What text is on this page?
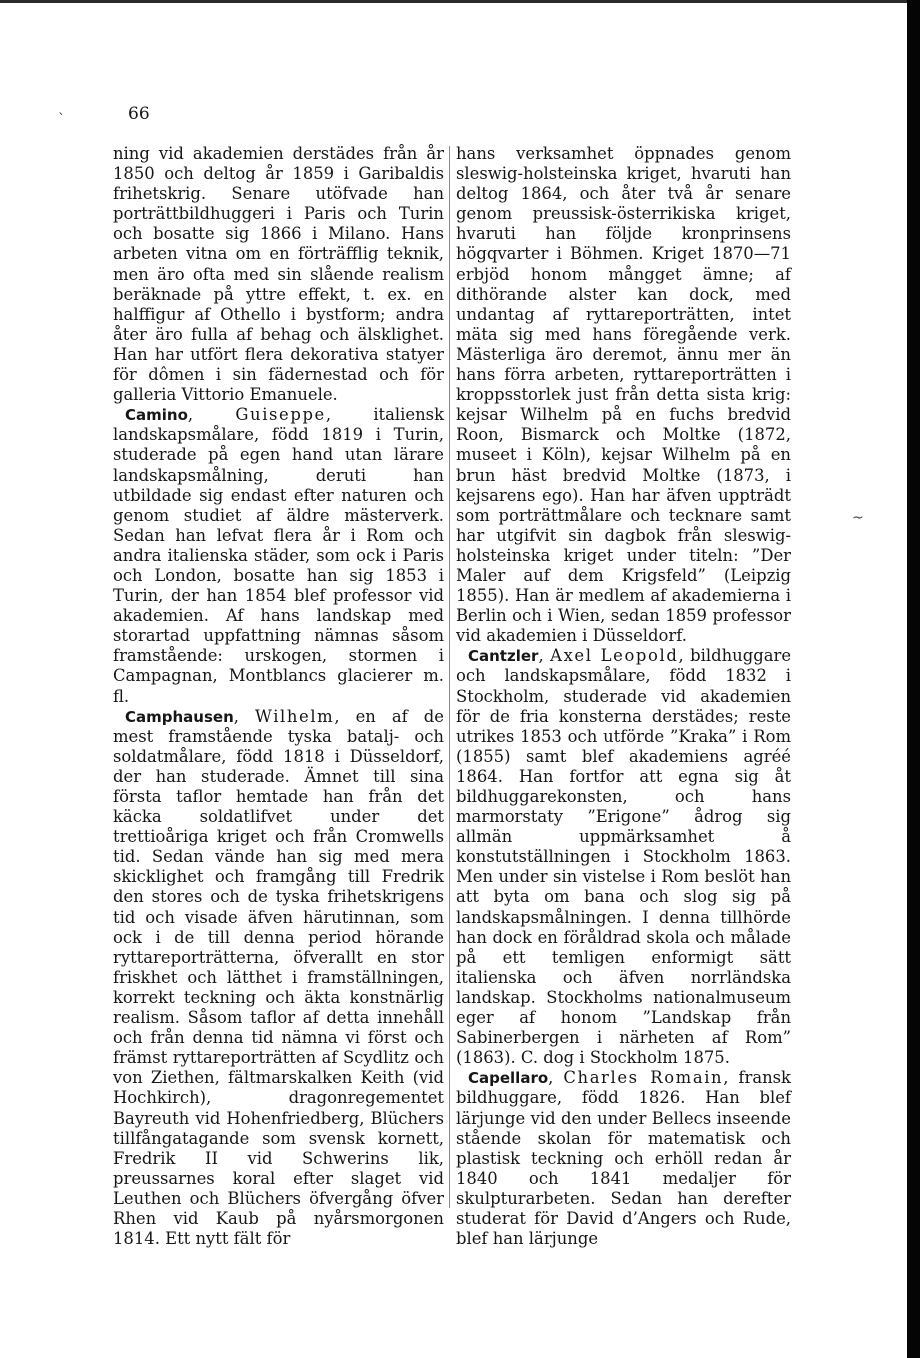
ˋ
~
66

ning vid akademien derstädes från år 1850 och deltog år 1859 i Garibaldis frihetskrig. Senare utöfvade han porträttbildhuggeri i Paris och Turin och bosatte sig 1866 i Milano. Hans arbeten vitna om en förträfflig teknik, men äro ofta med sin slående realism beräknade på yttre effekt, t. ex. en halffigur af Othello i bystform; andra åter äro fulla af behag och älsklighet. Han har utfört flera dekorativa statyer för dômen i sin fädernestad och för galleria Vittorio Emanuele.

Camino, Guiseppe, italiensk landskapsmålare, född 1819 i Turin, studerade på egen hand utan lärare landskapsmålning, deruti han utbildade sig endast efter naturen och genom studiet af äldre mästerverk. Sedan han lefvat flera år i Rom och andra italienska städer, som ock i Paris och London, bosatte han sig 1853 i Turin, der han 1854 blef professor vid akademien. Af hans landskap med storartad uppfattning nämnas såsom framstående: urskogen, stormen i Campagnan, Montblancs glacierer m. fl.

Camphausen, Wilhelm, en af de mest framstående tyska batalj- och soldatmålare, född 1818 i Düsseldorf, der han studerade. Ämnet till sina första taflor hemtade han från det käcka soldatlifvet under det trettioåriga kriget och från Cromwells tid. Sedan vände han sig med mera skicklighet och framgång till Fredrik den stores och de tyska frihetskrigens tid och visade äfven härutinnan, som ock i de till denna period hörande ryttareporträtterna, öfverallt en stor friskhet och lätthet i framställningen, korrekt teckning och äkta konstnärlig realism. Såsom taflor af detta innehåll och från denna tid nämna vi först och främst ryttareporträtten af Scydlitz och von Ziethen, fältmarskalken Keith (vid Hochkirch), dragonregementet Bayreuth vid Hohenfriedberg, Blüchers tillfångatagande som svensk kornett, Fredrik II vid Schwerins lik, preussarnes koral efter slaget vid Leuthen och Blüchers öfvergång öfver Rhen vid Kaub på nyårsmorgonen 1814. Ett nytt fält för

hans verksamhet öppnades genom sleswig-holsteinska kriget, hvaruti han deltog 1864, och åter två år senare genom preussisk-österrikiska kriget, hvaruti han följde kronprinsens högqvarter i Böhmen. Kriget 1870—71 erbjöd honom mångget ämne; af dithörande alster kan dock, med undantag af ryttareporträtten, intet mäta sig med hans föregående verk. Mästerliga äro deremot, ännu mer än hans förra arbeten, ryttareporträtten i kroppsstorlek just från detta sista krig: kejsar Wilhelm på en fuchs bredvid Roon, Bismarck och Moltke (1872, museet i Köln), kejsar Wilhelm på en brun häst bredvid Moltke (1873, i kejsarens ego). Han har äfven uppträdt som porträttmålare och tecknare samt har utgifvit sin dagbok från sleswig-holsteinska kriget under titeln: ”Der Maler auf dem Krigsfeld” (Leipzig 1855). Han är medlem af akademierna i Berlin och i Wien, sedan 1859 professor vid akademien i Düsseldorf.

Cantzler, Axel Leopold, bildhuggare och landskapsmålare, född 1832 i Stockholm, studerade vid akademien för de fria konsterna derstädes; reste utrikes 1853 och utförde ”Kraka” i Rom (1855) samt blef akademiens agréé 1864. Han fortfor att egna sig åt bildhuggarekonsten, och hans marmorstaty ”Erigone” ådrog sig allmän uppmärksamhet å konstutställningen i Stockholm 1863. Men under sin vistelse i Rom beslöt han att byta om bana och slog sig på landskapsmålningen. I denna tillhörde han dock en föråldrad skola och målade på ett temligen enformigt sätt italienska och äfven norrländska landskap. Stockholms nationalmuseum eger af honom ”Landskap från Sabinerbergen i närheten af Rom” (1863). C. dog i Stockholm 1875.

Capellaro, Charles Romain, fransk bildhuggare, född 1826. Han blef lärjunge vid den under Bellecs inseende stående skolan för matematisk och plastisk teckning och erhöll redan år 1840 och 1841 medaljer för skulpturarbeten. Sedan han derefter studerat för David d’Angers och Rude, blef han lärjunge
